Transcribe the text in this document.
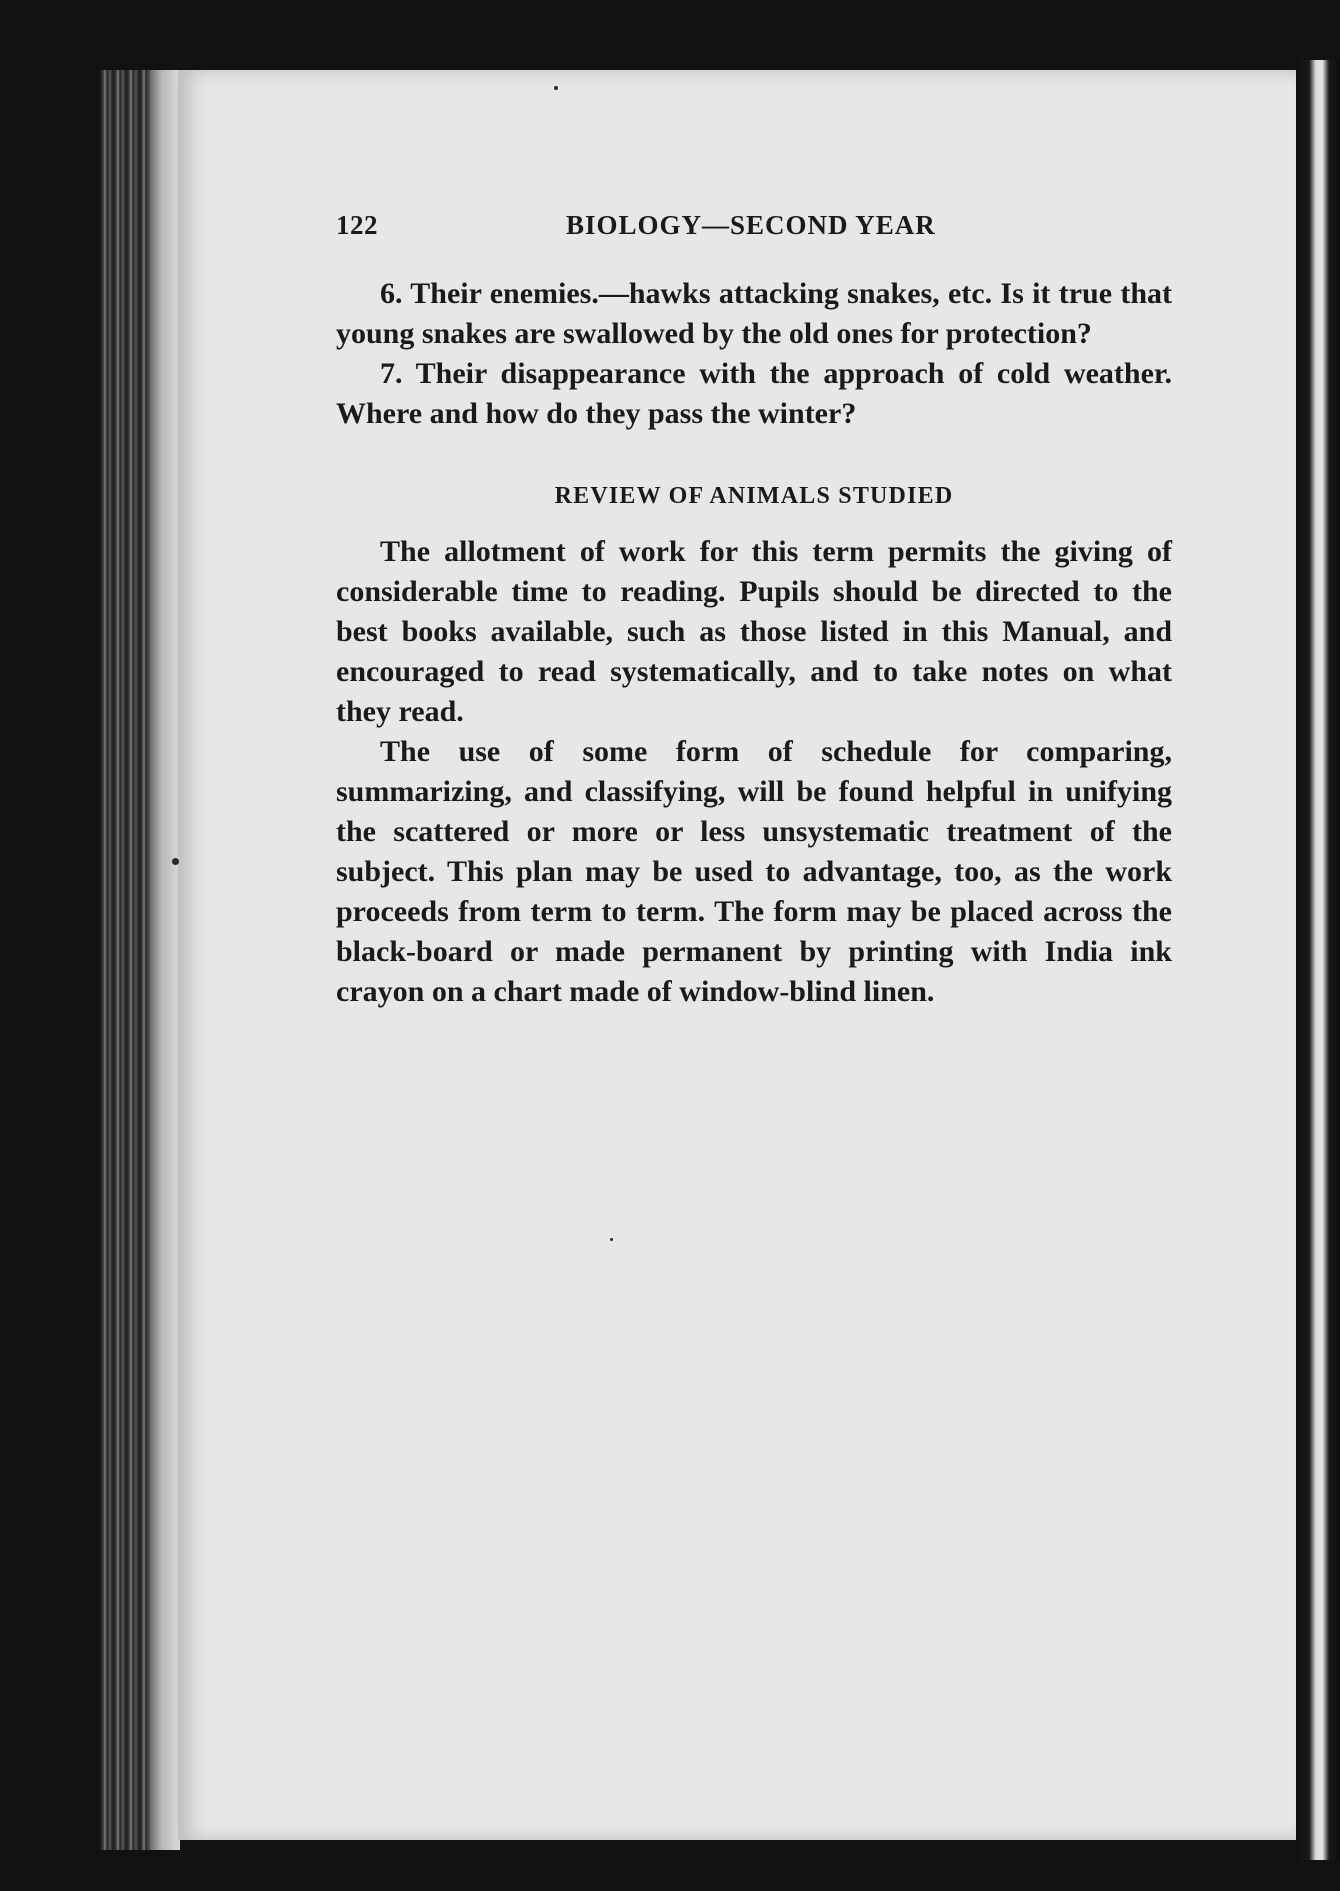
122	BIOLOGY—SECOND YEAR

6. Their enemies.—hawks attacking snakes, etc. Is it true that young snakes are swallowed by the old ones for protection?

7. Their disappearance with the approach of cold weather. Where and how do they pass the winter?

REVIEW OF ANIMALS STUDIED

The allotment of work for this term permits the giving of considerable time to reading. Pupils should be directed to the best books available, such as those listed in this Manual, and encouraged to read systematically, and to take notes on what they read.

The use of some form of schedule for comparing, summarizing, and classifying, will be found helpful in unifying the scattered or more or less unsystematic treatment of the subject. This plan may be used to advantage, too, as the work proceeds from term to term. The form may be placed across the black-board or made permanent by printing with India ink crayon on a chart made of window-blind linen.
